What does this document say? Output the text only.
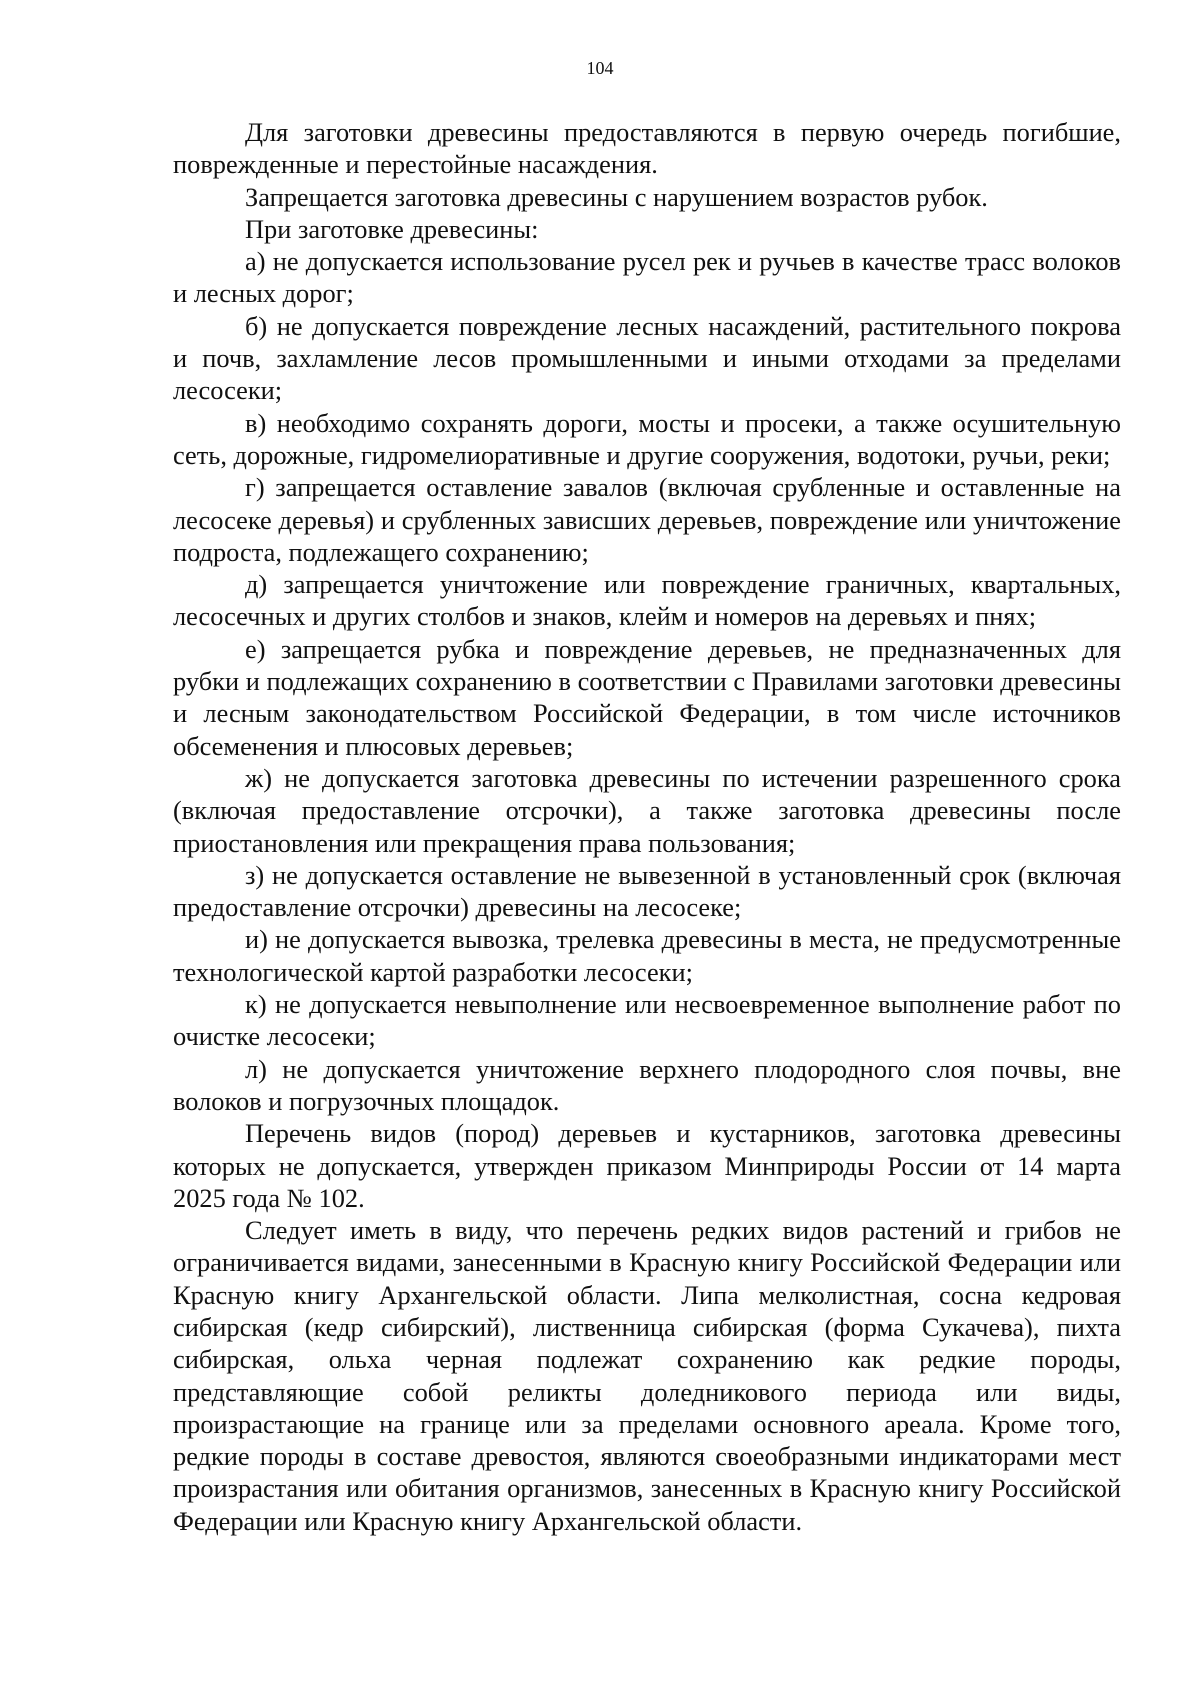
104

Для заготовки древесины предоставляются в первую очередь погибшие, поврежденные и перестойные насаждения.

Запрещается заготовка древесины с нарушением возрастов рубок.

При заготовке древесины:

а) не допускается использование русел рек и ручьев в качестве трасс волоков и лесных дорог;

б) не допускается повреждение лесных насаждений, растительного покрова и почв, захламление лесов промышленными и иными отходами за пределами лесосеки;

в) необходимо сохранять дороги, мосты и просеки, а также осушительную сеть, дорожные, гидромелиоративные и другие сооружения, водотоки, ручьи, реки;

г) запрещается оставление завалов (включая срубленные и оставленные на лесосеке деревья) и срубленных зависших деревьев, повреждение или уничтожение подроста, подлежащего сохранению;

д) запрещается уничтожение или повреждение граничных, квартальных, лесосечных и других столбов и знаков, клейм и номеров на деревьях и пнях;

е) запрещается рубка и повреждение деревьев, не предназначенных для рубки и подлежащих сохранению в соответствии с Правилами заготовки древесины и лесным законодательством Российской Федерации, в том числе источников обсеменения и плюсовых деревьев;

ж) не допускается заготовка древесины по истечении разрешенного срока (включая предоставление отсрочки), а также заготовка древесины после приостановления или прекращения права пользования;

з) не допускается оставление не вывезенной в установленный срок (включая предоставление отсрочки) древесины на лесосеке;

и) не допускается вывозка, трелевка древесины в места, не предусмотренные технологической картой разработки лесосеки;

к) не допускается невыполнение или несвоевременное выполнение работ по очистке лесосеки;

л) не допускается уничтожение верхнего плодородного слоя почвы, вне волоков и погрузочных площадок.

Перечень видов (пород) деревьев и кустарников, заготовка древесины которых не допускается, утвержден приказом Минприроды России от 14 марта 2025 года № 102.

Следует иметь в виду, что перечень редких видов растений и грибов не ограничивается видами, занесенными в Красную книгу Российской Федерации или Красную книгу Архангельской области. Липа мелколистная, сосна кедровая сибирская (кедр сибирский), лиственница сибирская (форма Сукачева), пихта сибирская, ольха черная подлежат сохранению как редкие породы, представляющие собой реликты доледникового периода или виды, произрастающие на границе или за пределами основного ареала. Кроме того, редкие породы в составе древостоя, являются своеобразными индикаторами мест произрастания или обитания организмов, занесенных в Красную книгу Российской Федерации или Красную книгу Архангельской области.
